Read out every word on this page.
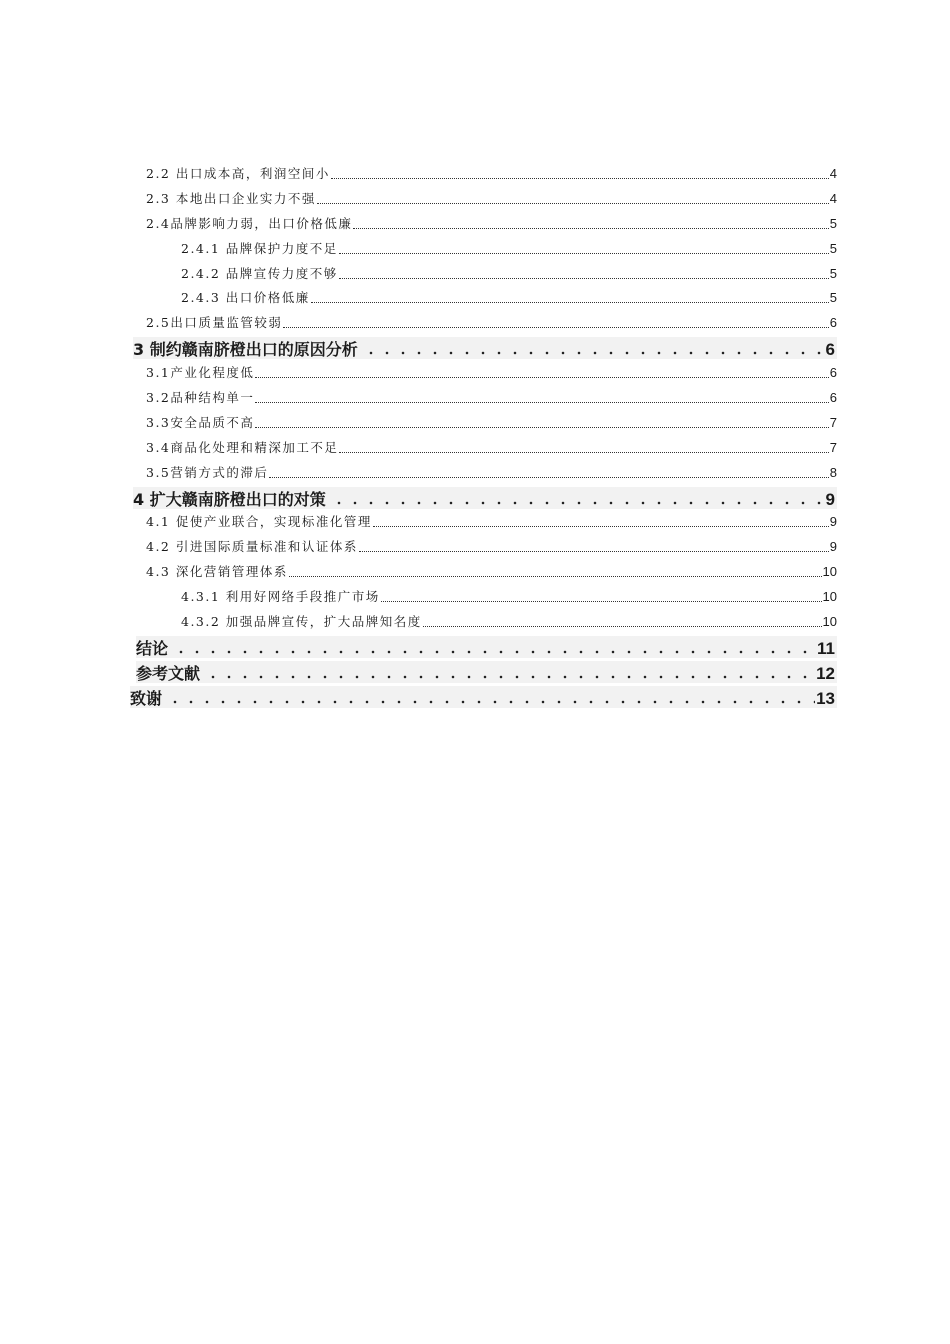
2.2 出口成本高，利润空间小	4
2.3 本地出口企业实力不强	4
2.4品牌影响力弱，出口价格低廉	5
2.4.1 品牌保护力度不足	5
2.4.2 品牌宣传力度不够	5
2.4.3 出口价格低廉	5
2.5出口质量监管较弱	6
3 制约赣南脐橙出口的原因分析	6
3.1产业化程度低	6
3.2品种结构单一	6
3.3安全品质不高	7
3.4商品化处理和精深加工不足	7
3.5营销方式的滞后	8
4 扩大赣南脐橙出口的对策	9
4.1 促使产业联合，实现标准化管理	9
4.2 引进国际质量标准和认证体系	9
4.3 深化营销管理体系	10
4.3.1 利用好网络手段推广市场	10
4.3.2 加强品牌宣传，扩大品牌知名度	10
结论	11
参考文献	12
致谢	13
